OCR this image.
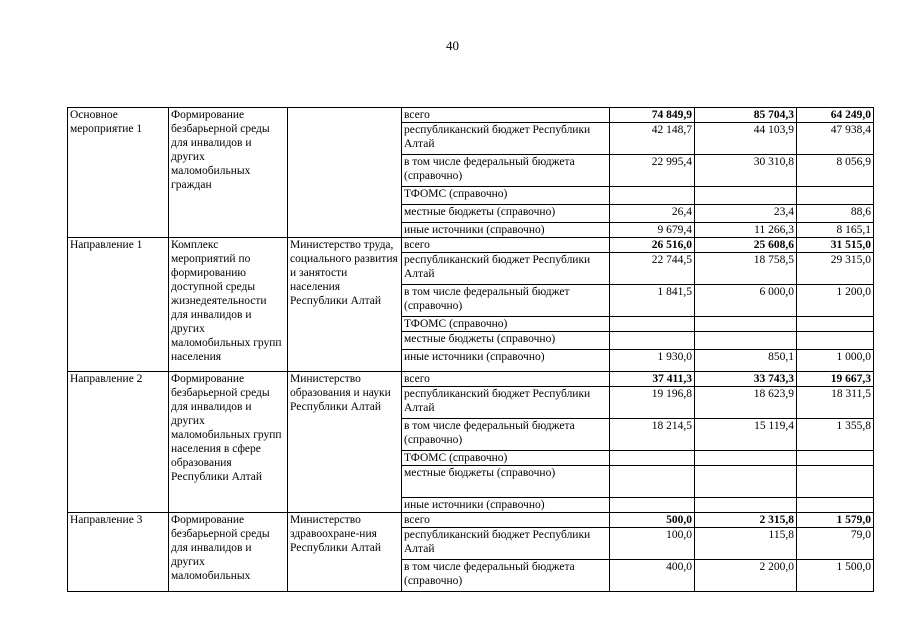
40
Основное мероприятие 1	Формирование безбарьерной среды для инвалидов и других маломобильных граждан		всего	74 849,9	85 704,3	64 249,0
			республиканский бюджет Республики Алтай	42 148,7	44 103,9	47 938,4
			в том числе федеральный бюджета (справочно)	22 995,4	30 310,8	8 056,9
			ТФОМС (справочно)			
			местные бюджеты (справочно)	26,4	23,4	88,6
			иные источники (справочно)	9 679,4	11 266,3	8 165,1
Направление 1	Комплекс мероприятий по формированию доступной среды жизнедеятельности для инвалидов и других маломобильных групп населения	Министерство труда, социального развития и занятости населения Республики Алтай	всего	26 516,0	25 608,6	31 515,0
			республиканский бюджет Республики Алтай	22 744,5	18 758,5	29 315,0
			в том числе федеральный бюджет (справочно)	1 841,5	6 000,0	1 200,0
			ТФОМС (справочно)			
			местные бюджеты (справочно)			
			иные источники (справочно)	1 930,0	850,1	1 000,0
Направление 2	Формирование безбарьерной среды для инвалидов и других маломобильных групп населения в сфере образования Республики Алтай	Министерство образования и науки Республики Алтай	всего	37 411,3	33 743,3	19 667,3
			республиканский бюджет Республики Алтай	19 196,8	18 623,9	18 311,5
			в том числе федеральный бюджета (справочно)	18 214,5	15 119,4	1 355,8
			ТФОМС (справочно)			
			местные бюджеты (справочно)			
			иные источники (справочно)			
Направление 3	Формирование безбарьерной среды для инвалидов и других маломобильных	Министерство здравоохране-ния Республики Алтай	всего	500,0	2 315,8	1 579,0
			республиканский бюджет Республики Алтай	100,0	115,8	79,0
			в том числе федеральный бюджета (справочно)	400,0	2 200,0	1 500,0
